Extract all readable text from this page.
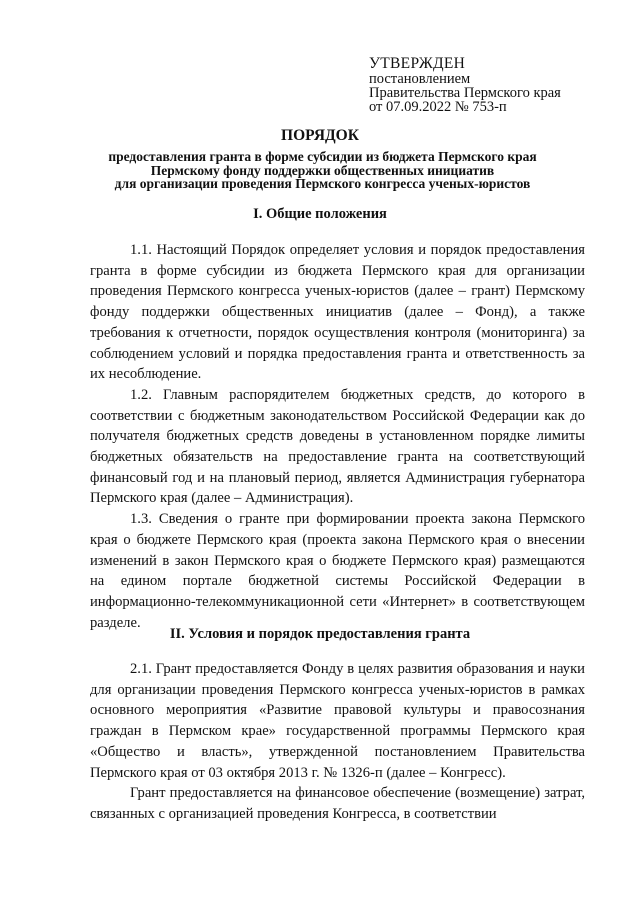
УТВЕРЖДЕН
постановлением
Правительства Пермского края
от 07.09.2022 № 753-п
ПОРЯДОК
предоставления гранта в форме субсидии из бюджета Пермского края
Пермскому фонду поддержки общественных инициатив
для организации проведения Пермского конгресса ученых-юристов
I. Общие положения

1.1. Настоящий Порядок определяет условия и порядок предоставления гранта в форме субсидии из бюджета Пермского края для организации проведения Пермского конгресса ученых-юристов (далее – грант) Пермскому фонду поддержки общественных инициатив (далее – Фонд), а также требования к отчетности, порядок осуществления контроля (мониторинга) за соблюдением условий и порядка предоставления гранта и ответственность за их несоблюдение.

1.2. Главным распорядителем бюджетных средств, до которого в соответствии с бюджетным законодательством Российской Федерации как до получателя бюджетных средств доведены в установленном порядке лимиты бюджетных обязательств на предоставление гранта на соответствующий финансовый год и на плановый период, является Администрация губернатора Пермского края (далее – Администрация).

1.3. Сведения о гранте при формировании проекта закона Пермского края о бюджете Пермского края (проекта закона Пермского края о внесении изменений в закон Пермского края о бюджете Пермского края) размещаются на едином портале бюджетной системы Российской Федерации в информационно-телекоммуникационной сети «Интернет» в соответствующем разделе.

II. Условия и порядок предоставления гранта

2.1. Грант предоставляется Фонду в целях развития образования и науки для организации проведения Пермского конгресса ученых-юристов в рамках основного мероприятия «Развитие правовой культуры и правосознания граждан в Пермском крае» государственной программы Пермского края «Общество и власть», утвержденной постановлением Правительства Пермского края от 03 октября 2013 г. № 1326-п (далее – Конгресс).

Грант предоставляется на финансовое обеспечение (возмещение) затрат, связанных с организацией проведения Конгресса, в соответствии
